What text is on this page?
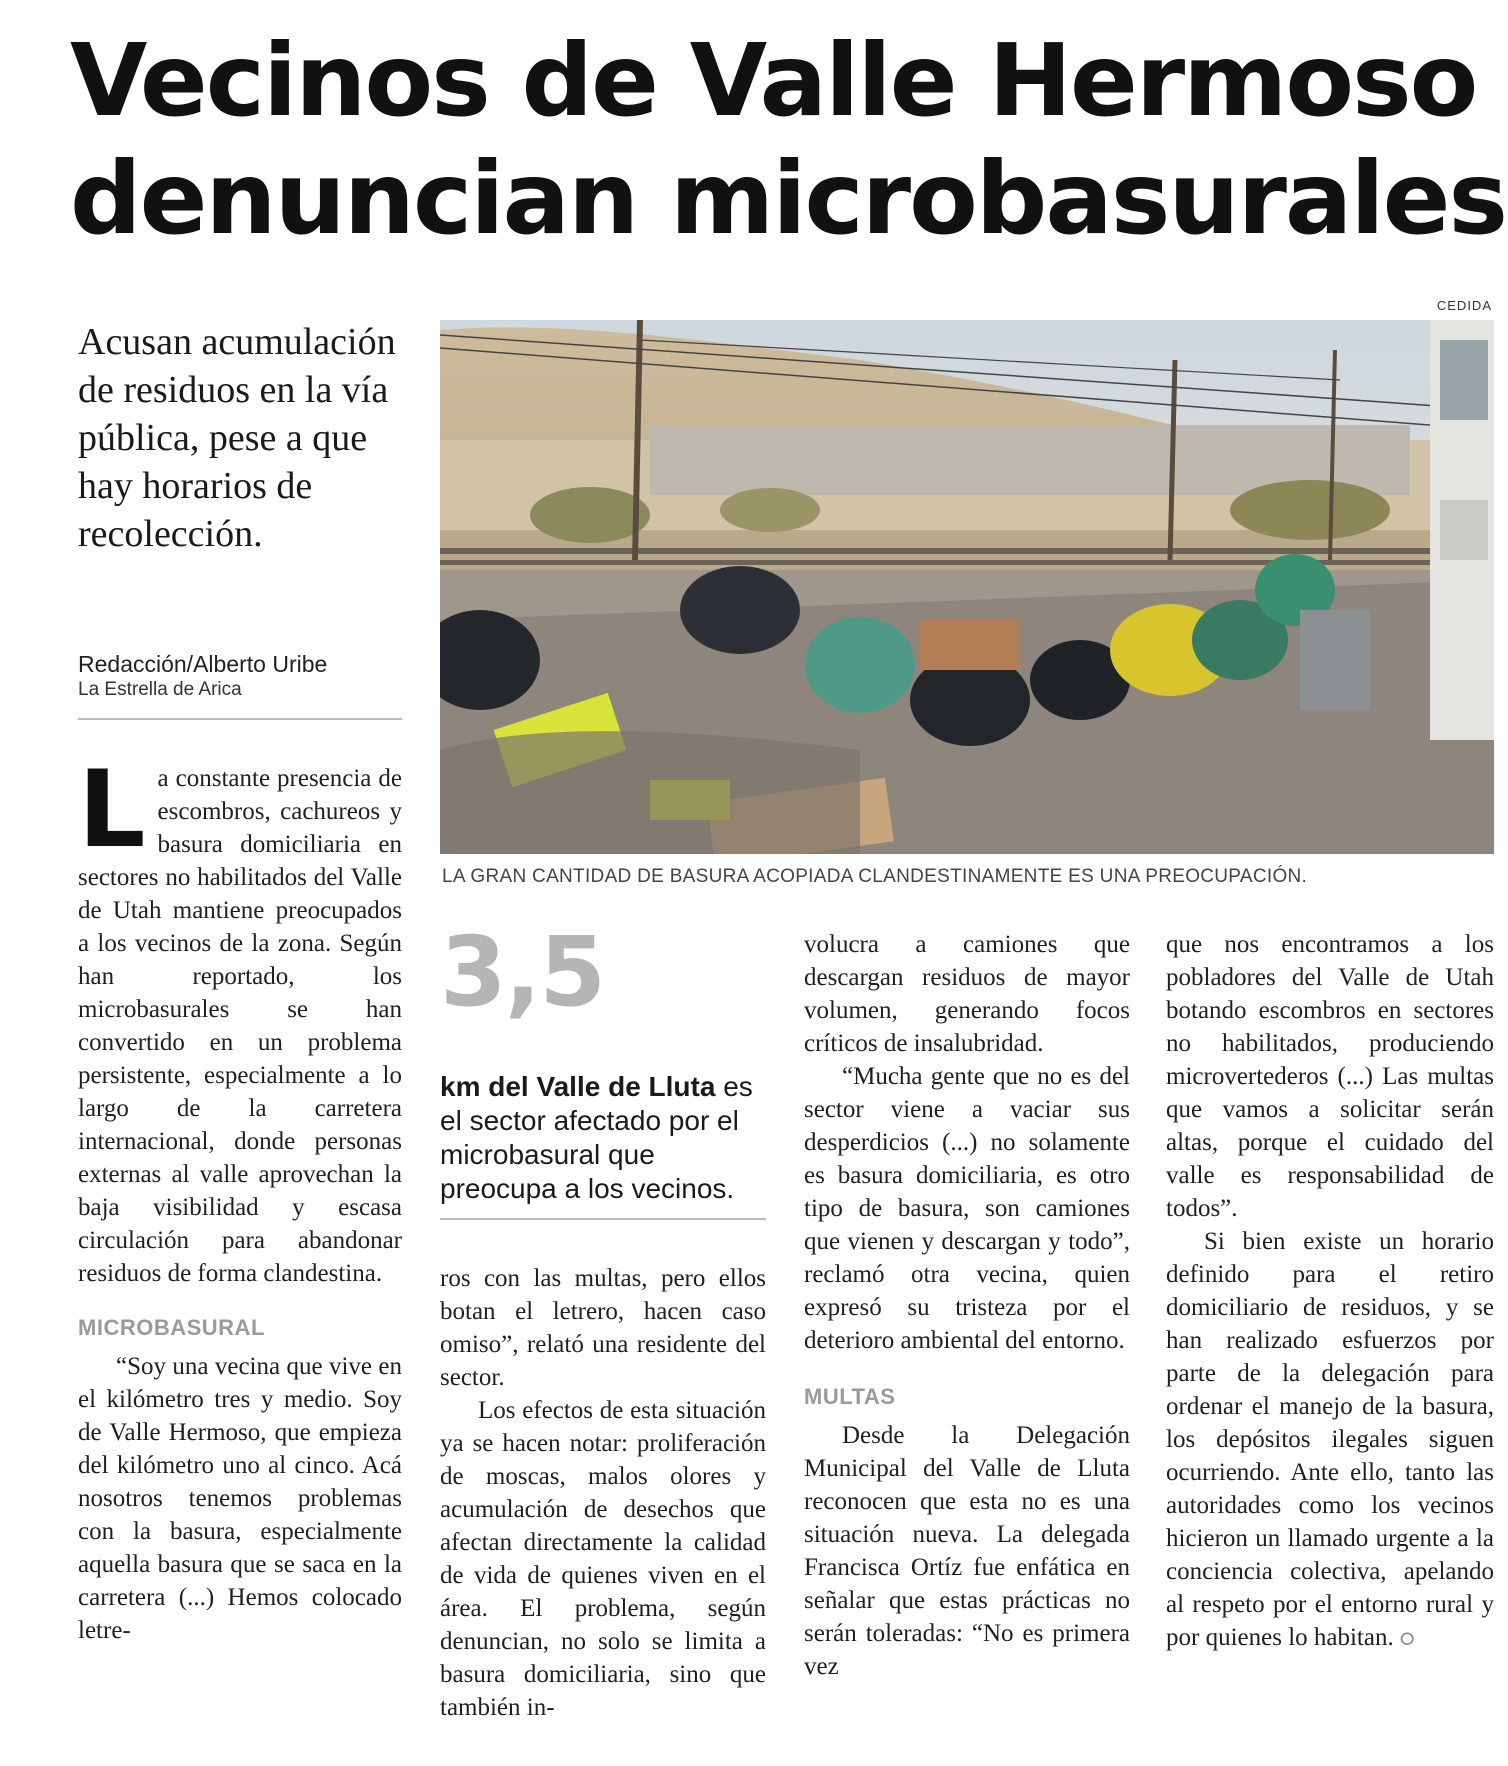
Vecinos de Valle Hermoso
denuncian microbasurales
CEDIDA

Acusan acumulación de residuos en la vía pública, pese a que hay horarios de recolección.

Redacción/Alberto Uribe
La Estrella de Arica
LA GRAN CANTIDAD DE BASURA ACOPIADA CLANDESTINAMENTE ES UNA PREOCUPACIÓN.

La constante presencia de escombros, cachureos y basura domiciliaria en sectores no habilitados del Valle de Utah mantiene preocupados a los vecinos de la zona. Según han reportado, los microbasurales se han convertido en un problema persistente, especialmente a lo largo de la carretera internacional, donde personas externas al valle aprovechan la baja visibilidad y escasa circulación para abandonar residuos de forma clandestina.

MICROBASURAL

“Soy una vecina que vive en el kilómetro tres y medio. Soy de Valle Hermoso, que empieza del kilómetro uno al cinco. Acá nosotros tenemos problemas con la basura, especialmente aquella basura que se saca en la carretera (...) Hemos colocado letre-

3,5
km del Valle de Lluta es el sector afectado por el microbasural que preocupa a los vecinos.

ros con las multas, pero ellos botan el letrero, hacen caso omiso”, relató una residente del sector.

Los efectos de esta situación ya se hacen notar: proliferación de moscas, malos olores y acumulación de desechos que afectan directamente la calidad de vida de quienes viven en el área. El problema, según denuncian, no solo se limita a basura domiciliaria, sino que también in-

volucra a camiones que descargan residuos de mayor volumen, generando focos críticos de insalubridad.

“Mucha gente que no es del sector viene a vaciar sus desperdicios (...) no solamente es basura domiciliaria, es otro tipo de basura, son camiones que vienen y descargan y todo”, reclamó otra vecina, quien expresó su tristeza por el deterioro ambiental del entorno.

MULTAS

Desde la Delegación Municipal del Valle de Lluta reconocen que esta no es una situación nueva. La delegada Francisca Ortíz fue enfática en señalar que estas prácticas no serán toleradas: “No es primera vez

que nos encontramos a los pobladores del Valle de Utah botando escombros en sectores no habilitados, produciendo microvertederos (...) Las multas que vamos a solicitar serán altas, porque el cuidado del valle es responsabilidad de todos”.

Si bien existe un horario definido para el retiro domiciliario de residuos, y se han realizado esfuerzos por parte de la delegación para ordenar el manejo de la basura, los depósitos ilegales siguen ocurriendo. Ante ello, tanto las autoridades como los vecinos hicieron un llamado urgente a la conciencia colectiva, apelando al respeto por el entorno rural y por quienes lo habitan. ⭘
